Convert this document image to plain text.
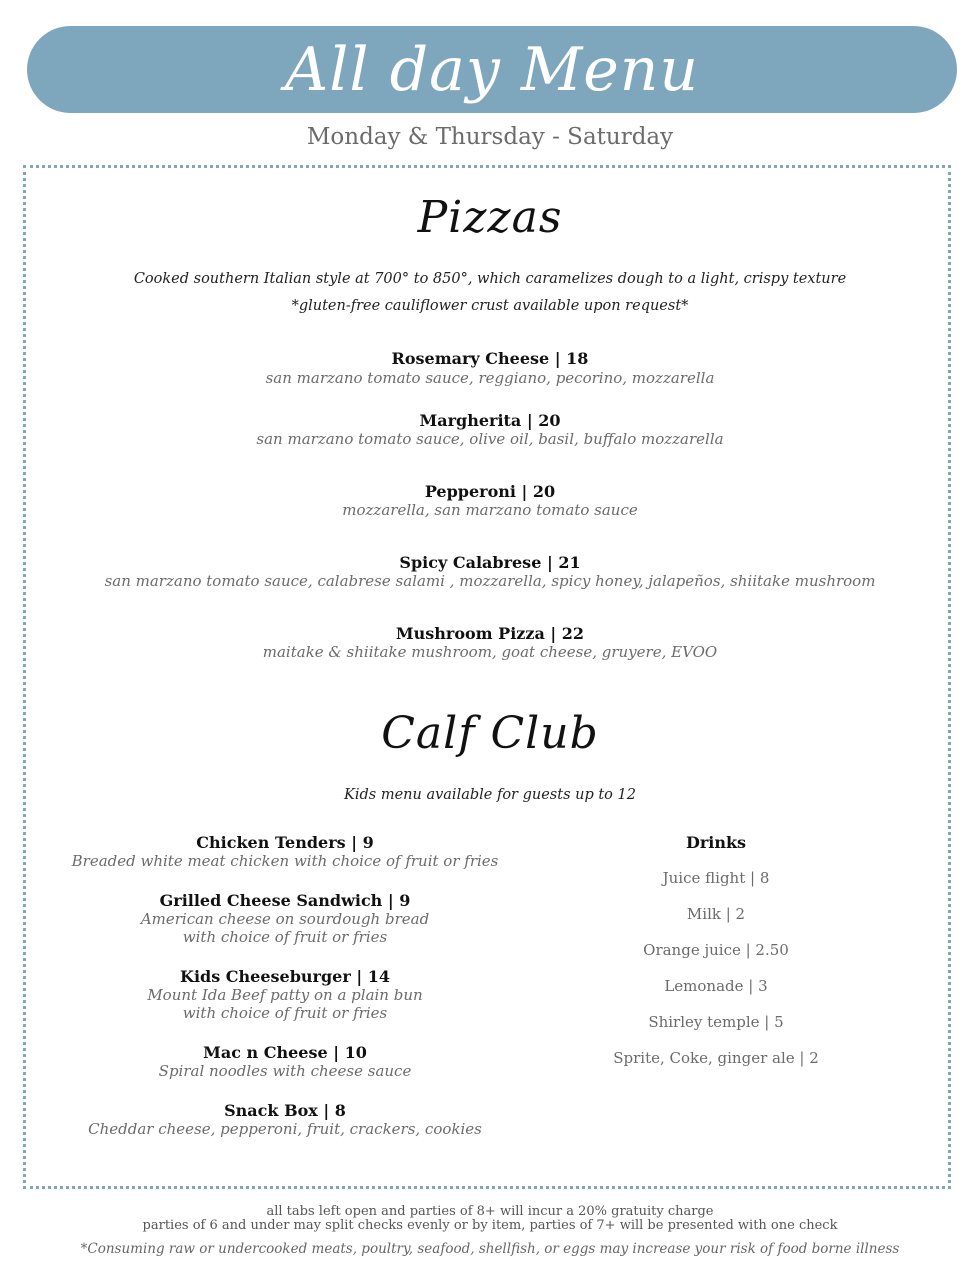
All day Menu
Monday & Thursday - Saturday
Pizzas
Cooked southern Italian style at 700° to 850°, which caramelizes dough to a light, crispy texture
*gluten-free cauliflower crust available upon request*
Rosemary Cheese | 18
san marzano tomato sauce, reggiano, pecorino, mozzarella
Margherita | 20
san marzano tomato sauce, olive oil, basil, buffalo mozzarella
Pepperoni | 20
mozzarella, san marzano tomato sauce
Spicy Calabrese | 21
san marzano tomato sauce, calabrese salami , mozzarella, spicy honey, jalapeños, shiitake mushroom
Mushroom Pizza | 22
maitake & shiitake mushroom, goat cheese, gruyere, EVOO
Calf Club
Kids menu available for guests up to 12
Chicken Tenders | 9
Breaded white meat chicken with choice of fruit or fries
Grilled Cheese Sandwich | 9
American cheese on sourdough bread
with choice of fruit or fries
Kids Cheeseburger | 14
Mount Ida Beef patty on a plain bun
with choice of fruit or fries
Mac n Cheese | 10
Spiral noodles with cheese sauce
Snack Box | 8
Cheddar cheese, pepperoni, fruit, crackers, cookies
Drinks
Juice flight | 8
Milk | 2
Orange juice | 2.50
Lemonade | 3
Shirley temple | 5
Sprite, Coke, ginger ale | 2
all tabs left open and parties of 8+ will incur a 20% gratuity charge
parties of 6 and under may split checks evenly or by item, parties of 7+ will be presented with one check
*Consuming raw or undercooked meats, poultry, seafood, shellfish, or eggs may increase your risk of food borne illness
